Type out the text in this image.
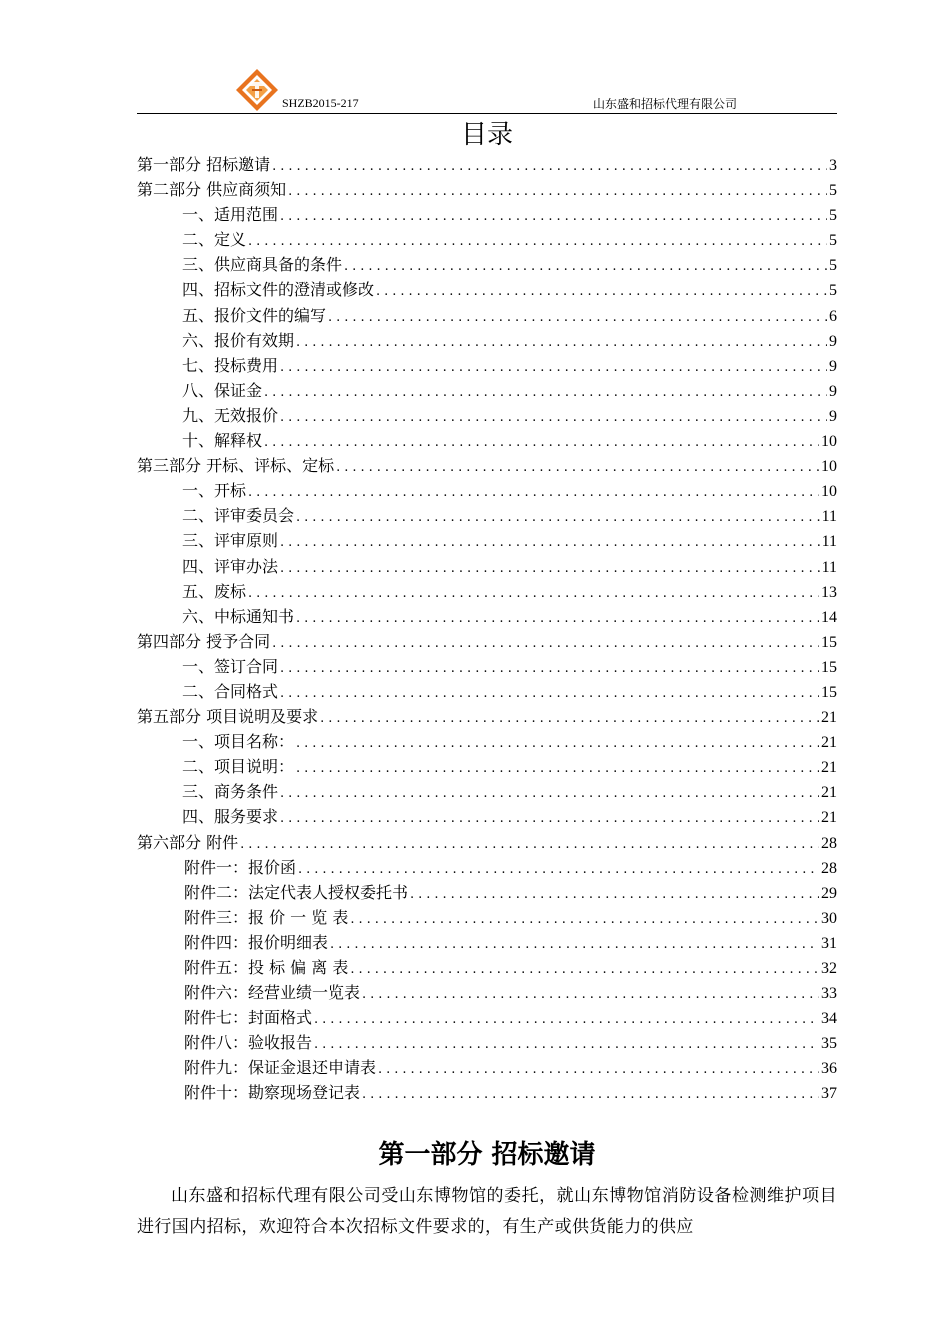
SHZB2015-217	山东盛和招标代理有限公司
目录
第一部分 招标邀请 .....	3
第二部分 供应商须知 .....	5
一、适用范围 .....	5
二、定义 .....	5
三、供应商具备的条件 .....	5
四、招标文件的澄清或修改 .....	5
五、报价文件的编写 .....	6
六、报价有效期 .....	9
七、投标费用 .....	9
八、保证金 .....	9
九、无效报价 .....	9
十、解释权 .....	10
第三部分 开标、评标、定标 .....	10
一、开标 .....	10
二、评审委员会 .....	11
三、评审原则 .....	11
四、评审办法 .....	11
五、废标 .....	13
六、中标通知书 .....	14
第四部分 授予合同 .....	15
一、签订合同 .....	15
二、合同格式 .....	15
第五部分 项目说明及要求 .....	21
一、项目名称： .....	21
二、项目说明： .....	21
三、商务条件 .....	21
四、服务要求 .....	21
第六部分 附件 .....	28
附件一：报价函 .....	28
附件二：法定代表人授权委托书 .....	29
附件三：报 价 一 览 表 .....	30
附件四：报价明细表 .....	31
附件五：投 标 偏 离 表 .....	32
附件六：经营业绩一览表 .....	33
附件七：封面格式 .....	34
附件八：验收报告 .....	35
附件九：保证金退还申请表 .....	36
附件十：勘察现场登记表 .....	37
第一部分 招标邀请
山东盛和招标代理有限公司受山东博物馆的委托，就山东博物馆消防设备检测维护项目进行国内招标，欢迎符合本次招标文件要求的，有生产或供货能力的供应
